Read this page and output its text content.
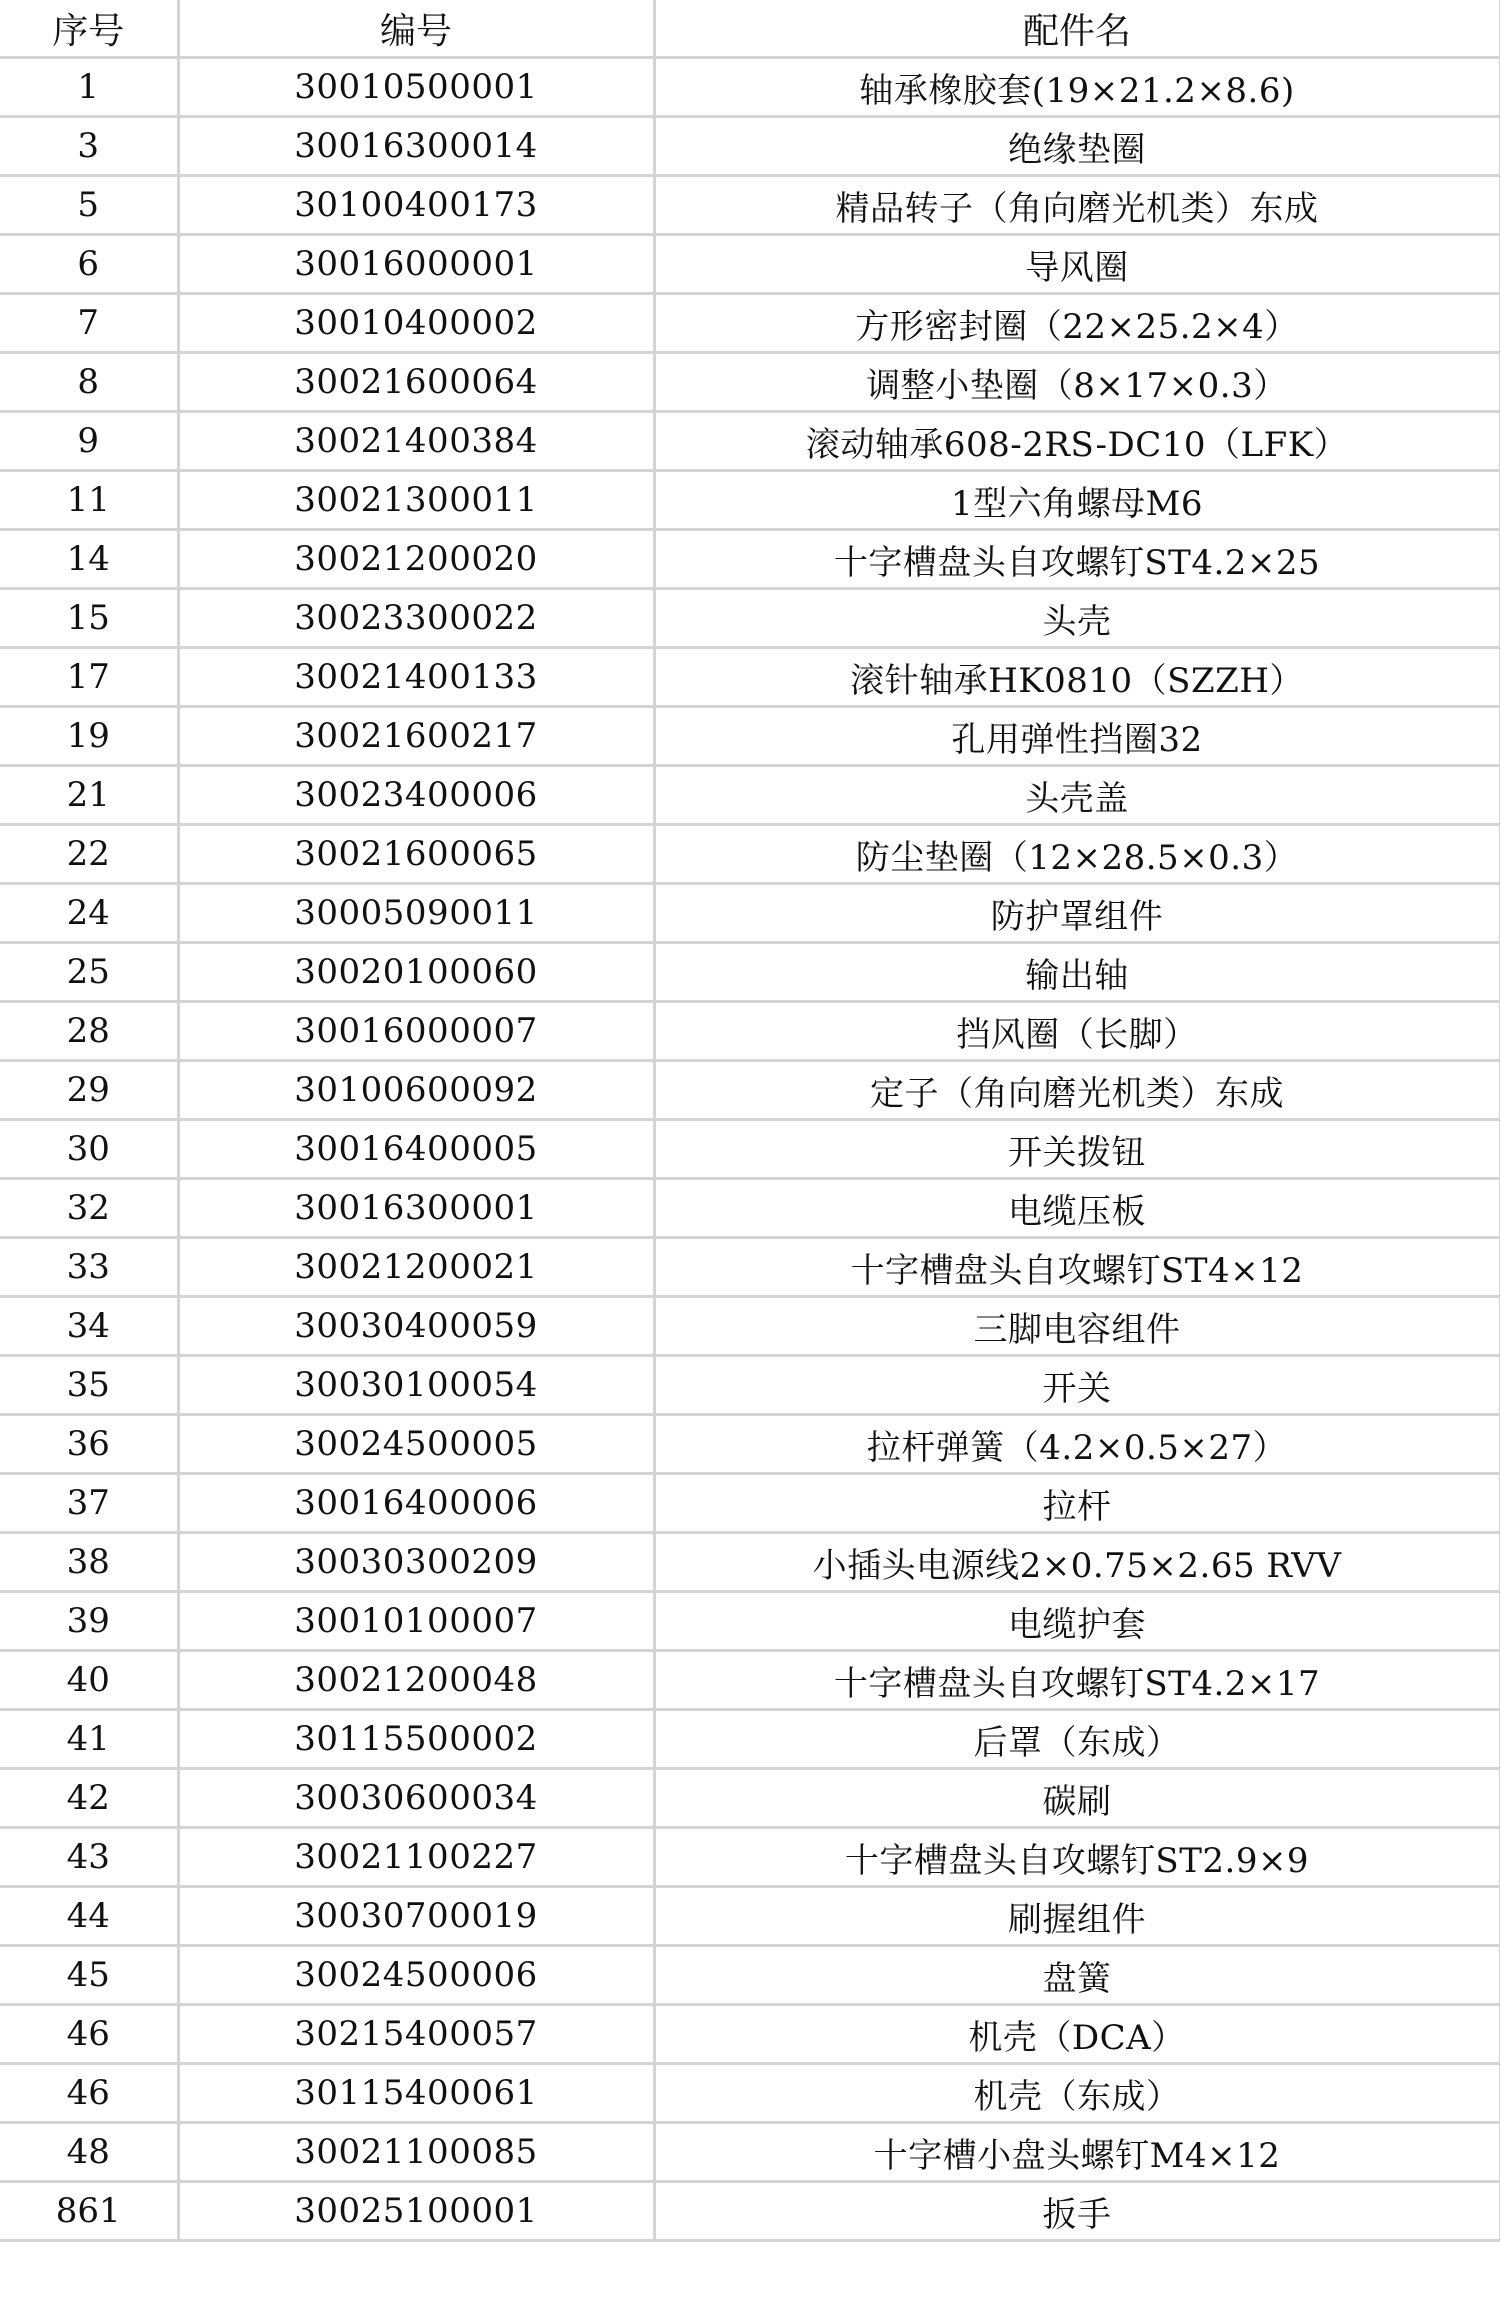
序号	编号	配件名
1	30010500001	轴承橡胶套(19×21.2×8.6)
3	30016300014	绝缘垫圈
5	30100400173	精品转子（角向磨光机类）东成
6	30016000001	导风圈
7	30010400002	方形密封圈（22×25.2×4）
8	30021600064	调整小垫圈（8×17×0.3）
9	30021400384	滚动轴承608-2RS-DC10（LFK）
11	30021300011	1型六角螺母M6
14	30021200020	十字槽盘头自攻螺钉ST4.2×25
15	30023300022	头壳
17	30021400133	滚针轴承HK0810（SZZH）
19	30021600217	孔用弹性挡圈32
21	30023400006	头壳盖
22	30021600065	防尘垫圈（12×28.5×0.3）
24	30005090011	防护罩组件
25	30020100060	输出轴
28	30016000007	挡风圈（长脚）
29	30100600092	定子（角向磨光机类）东成
30	30016400005	开关拨钮
32	30016300001	电缆压板
33	30021200021	十字槽盘头自攻螺钉ST4×12
34	30030400059	三脚电容组件
35	30030100054	开关
36	30024500005	拉杆弹簧（4.2×0.5×27）
37	30016400006	拉杆
38	30030300209	小插头电源线2×0.75×2.65 RVV
39	30010100007	电缆护套
40	30021200048	十字槽盘头自攻螺钉ST4.2×17
41	30115500002	后罩（东成）
42	30030600034	碳刷
43	30021100227	十字槽盘头自攻螺钉ST2.9×9
44	30030700019	刷握组件
45	30024500006	盘簧
46	30215400057	机壳（DCA）
46	30115400061	机壳（东成）
48	30021100085	十字槽小盘头螺钉M4×12
861	30025100001	扳手
